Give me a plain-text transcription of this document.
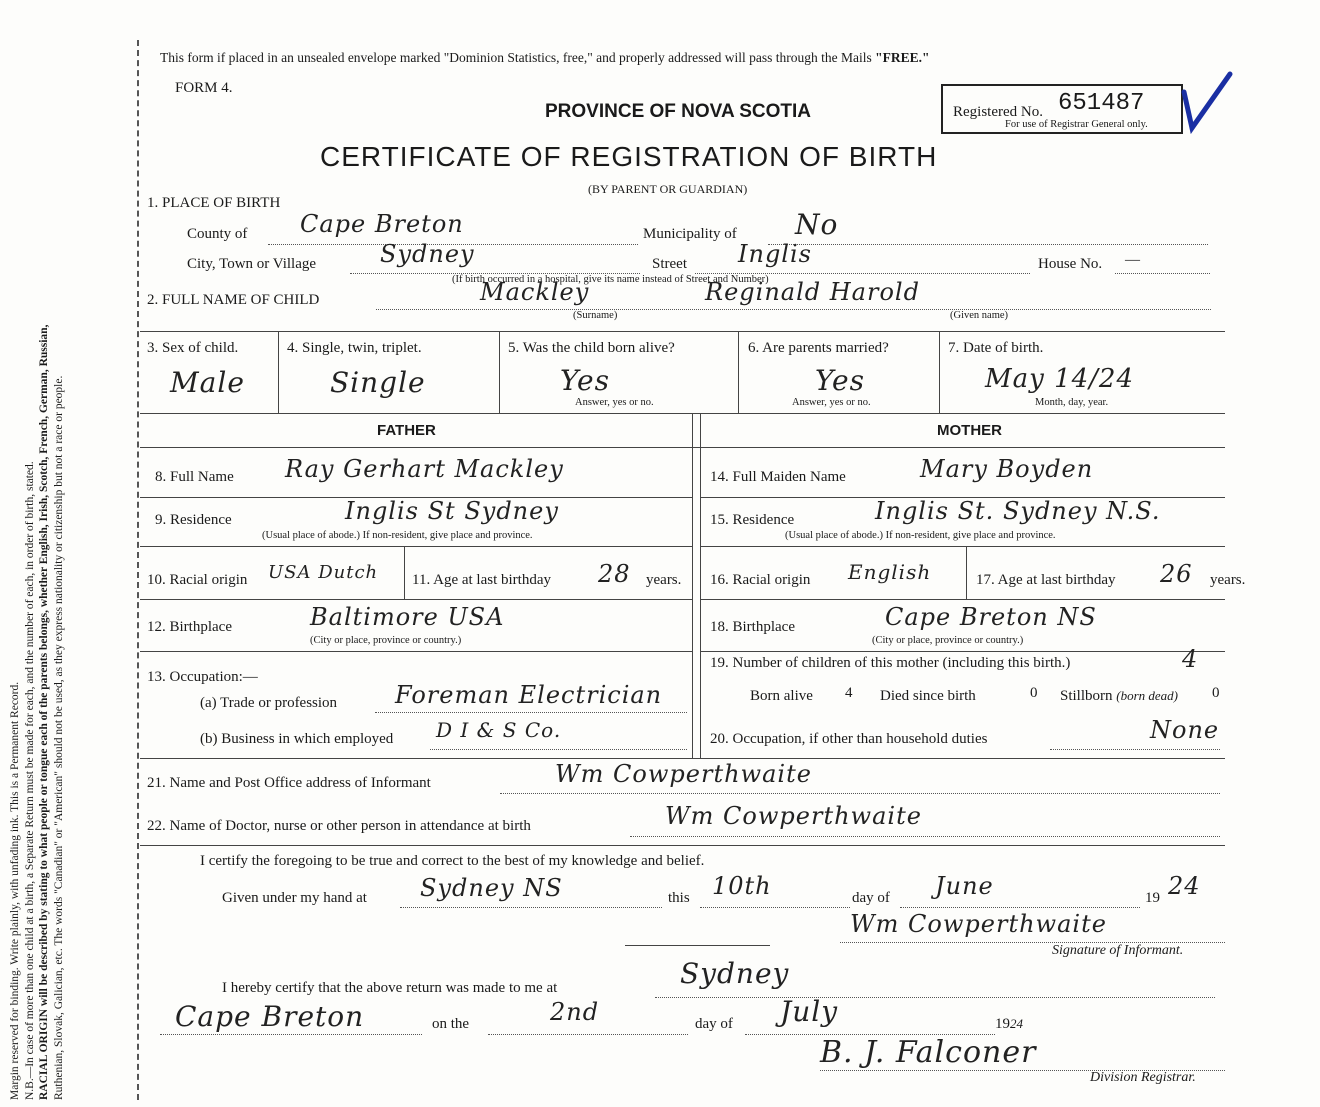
Margin reserved for binding. Write plainly, with unfading ink. This is a Permanent Record. N.B.—In case of more than one child at a birth, a Separate Return must be made for each, and the number of each, in order of birth, stated. RACIAL ORIGIN will be described by stating to what people or tongue each of the parents belongs, whether English, Irish, Scotch, French, German, Russian, Ruthenian, Slovak, Galician, etc. The words "Canadian" or "American" should not be used, as they express nationality or citizenship but not a race or people.

This form if placed in an unsealed envelope marked "Dominion Statistics, free," and properly addressed will pass through the Mails "FREE."
FORM 4.
PROVINCE OF NOVA SCOTIA	Registered No. 651487
For use of Registrar General only.
CERTIFICATE OF REGISTRATION OF BIRTH
(BY PARENT OR GUARDIAN)
1. PLACE OF BIRTH
County of Cape Breton	Municipality of No
City, Town or Village	Sydney	Street Inglis	House No. —
(If birth occurred in a hospital, give its name instead of Street and Number)
2. FULL NAME OF CHILD	Mackley	Reginald Harold
(Surname)	(Given name)
3. Sex of child.
Male
4. Single, twin, triplet.
Single
5. Was the child born alive?
Yes
Answer, yes or no.
6. Are parents married?
Yes
Answer, yes or no.
7. Date of birth.
May 14/24
Month, day, year.
FATHER	MOTHER
8. Full Name Ray Gerhart Mackley
9. Residence	Inglis St Sydney
(Usual place of abode.) If non-resident, give place and province.
10. Racial origin USA Dutch 11. Age at last birthday 28 years.
12. Birthplace	Baltimore USA
(City or place, province or country.)
13. Occupation:—
(a) Trade or profession Foreman Electrician
(b) Business in which employed D I & S Co.
14. Full Maiden Name	Mary Boyden
15. Residence	Inglis St. Sydney N.S.
(Usual place of abode.) If non-resident, give place and province.
16. Racial origin English	17. Age at last birthday 26 years.
18. Birthplace	Cape Breton NS
(City or place, province or country.)
19. Number of children of this mother (including this birth.)	4
Born alive 4 Died since birth	0 Stillborn (born dead) 0
20. Occupation, if other than household duties	None
21. Name and Post Office address of Informant	Wm Cowperthwaite
22. Name of Doctor, nurse or other person in attendance at birth	Wm Cowperthwaite
I certify the foregoing to be true and correct to the best of my knowledge and belief.
Given under my hand at Sydney NS	this 10th	day of June	19 24
Wm Cowperthwaite
Signature of Informant.
I hereby certify that the above return was made to me at	Sydney
Cape Breton	on the	2nd	day of July	1924
B. J. Falconer
Division Registrar.
